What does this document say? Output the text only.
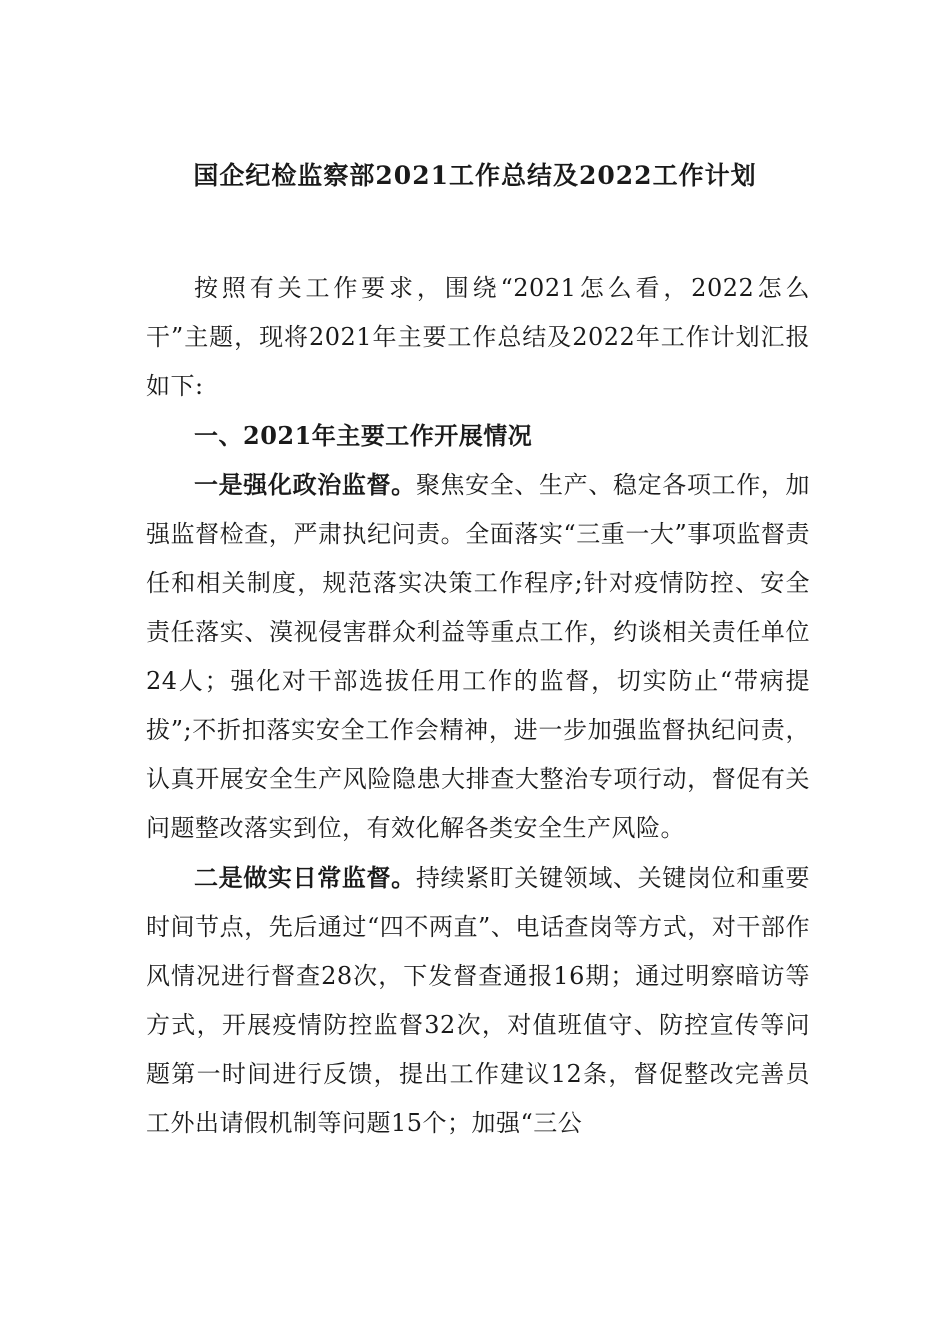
国企纪检监察部2021工作总结及2022工作计划

按照有关工作要求，围绕“2021怎么看，2022怎么干”主题，现将2021年主要工作总结及2022年工作计划汇报如下:

一、2021年主要工作开展情况

一是强化政治监督。聚焦安全、生产、稳定各项工作，加强监督检查，严肃执纪问责。全面落实“三重一大”事项监督责任和相关制度，规范落实决策工作程序;针对疫情防控、安全责任落实、漠视侵害群众利益等重点工作，约谈相关责任单位24人；强化对干部选拔任用工作的监督，切实防止“带病提拔”;不折扣落实安全工作会精神，进一步加强监督执纪问责，认真开展安全生产风险隐患大排查大整治专项行动，督促有关问题整改落实到位，有效化解各类安全生产风险。

二是做实日常监督。持续紧盯关键领域、关键岗位和重要时间节点，先后通过“四不两直”、电话查岗等方式，对干部作风情况进行督查28次，下发督查通报16期；通过明察暗访等方式，开展疫情防控监督32次，对值班值守、防控宣传等问题第一时间进行反馈，提出工作建议12条，督促整改完善员工外出请假机制等问题15个；加强“三公
